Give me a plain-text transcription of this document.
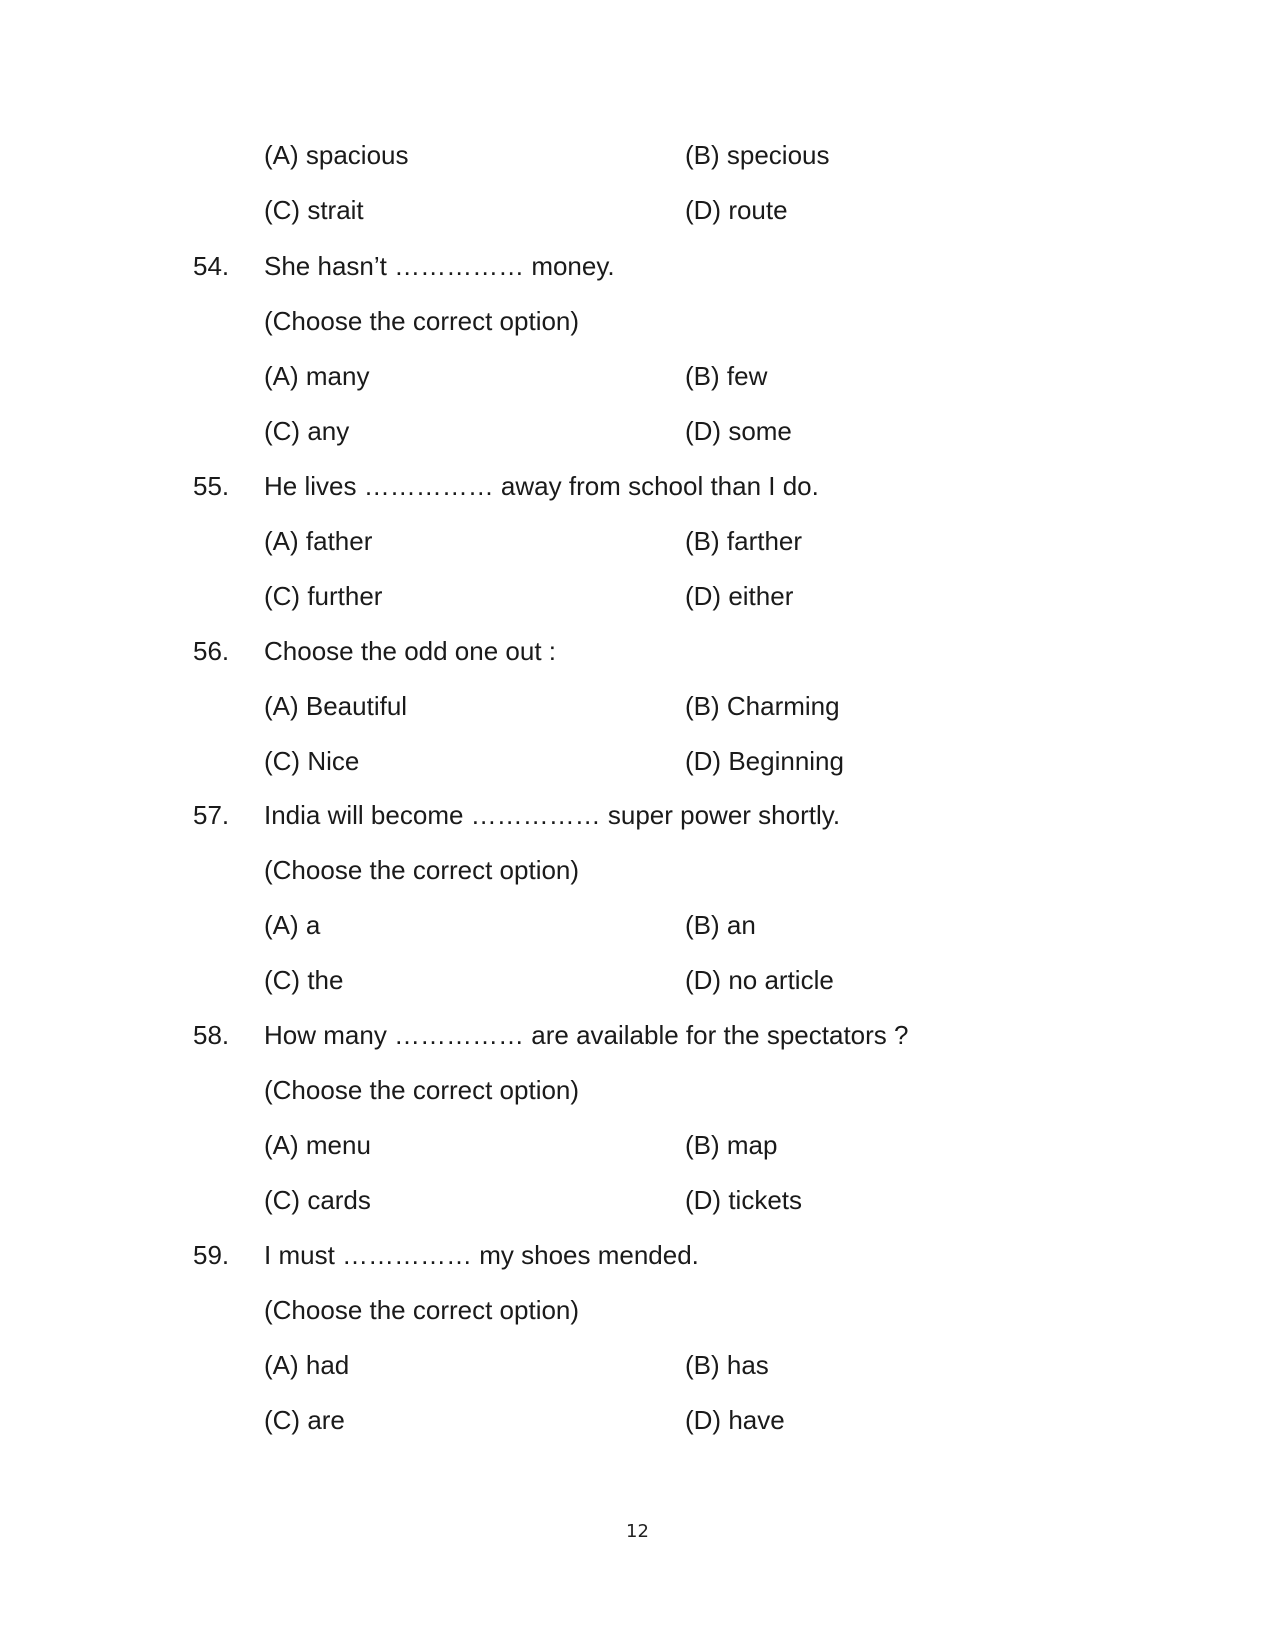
(A) spacious	(B) specious
(C) strait	(D) route
54. She hasn’t …………… money.
(Choose the correct option)
(A) many	(B) few
(C) any	(D) some
55. He lives …………… away from school than I do.
(A) father	(B) farther
(C) further	(D) either
56. Choose the odd one out :
(A) Beautiful	(B) Charming
(C) Nice	(D) Beginning
57. India will become …………… super power shortly.
(Choose the correct option)
(A) a	(B) an
(C) the	(D) no article
58. How many …………… are available for the spectators ?
(Choose the correct option)
(A) menu	(B) map
(C) cards	(D) tickets
59. I must …………… my shoes mended.
(Choose the correct option)
(A) had	(B) has
(C) are	(D) have
12
